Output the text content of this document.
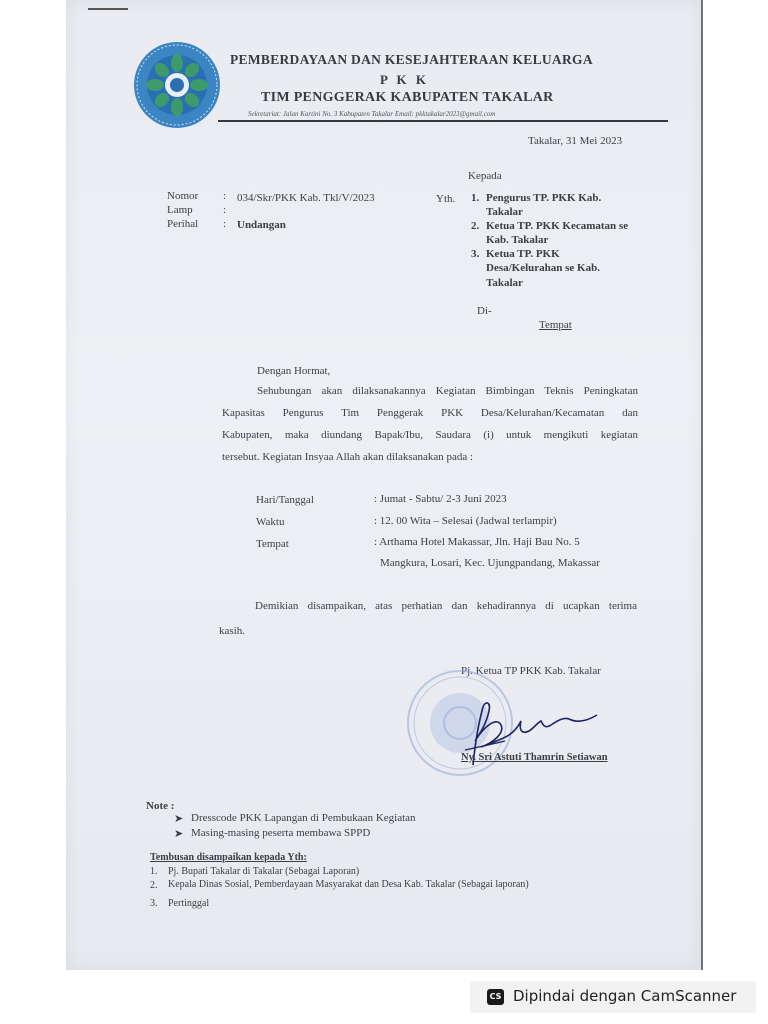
PEMBERDAYAAN DAN KESEJAHTERAAN KELUARGA
P K K
TIM PENGGERAK KABUPATEN TAKALAR
Sekretariat: Jalan Kartini No. 3 Kabupaten Takalar Email: pkktakalar2023@gmail.com
Takalar, 31 Mei 2023
Kepada
Yth. 1. Pengurus TP. PKK Kab.
Takalar
2. Ketua TP. PKK Kecamatan se
Kab. Takalar
3. Ketua TP. PKK
Desa/Kelurahan se Kab.
Takalar
Di-
Tempat
Nomor : 034/Skr/PKK Kab. Tkl/V/2023
Lamp	:
Perihal : Undangan
Dengan Hormat,
Sehubungan akan dilaksanakannya Kegiatan Bimbingan Teknis Peningkatan
Kapasitas Pengurus Tim Penggerak PKK Desa/Kelurahan/Kecamatan dan
Kabupaten, maka diundang Bapak/Ibu, Saudara (i) untuk mengikuti kegiatan
tersebut. Kegiatan Insyaa Allah akan dilaksanakan pada :
Hari/Tanggal	: Jumat - Sabtu/ 2-3 Juni 2023
Waktu	: 12. 00 Wita – Selesai (Jadwal terlampir)
Tempat	: Arthama Hotel Makassar, Jln. Haji Bau No. 5
Mangkura, Losari, Kec. Ujungpandang, Makassar
Demikian disampaikan, atas perhatian dan kehadirannya di ucapkan terima
kasih.
Pj. Ketua TP PKK Kab. Takalar
Ny. Sri Astuti Thamrin Setiawan
Note :
➤ Dresscode PKK Lapangan di Pembukaan Kegiatan
➤ Masing-masing peserta membawa SPPD
Tembusan disampaikan kepada Yth:
1. Pj. Bupati Takalar di Takalar (Sebagai Laporan)
2. Kepala Dinas Sosial, Pemberdayaan Masyarakat dan Desa Kab. Takalar (Sebagai laporan)
3. Pertinggal
CS Dipindai dengan CamScanner
